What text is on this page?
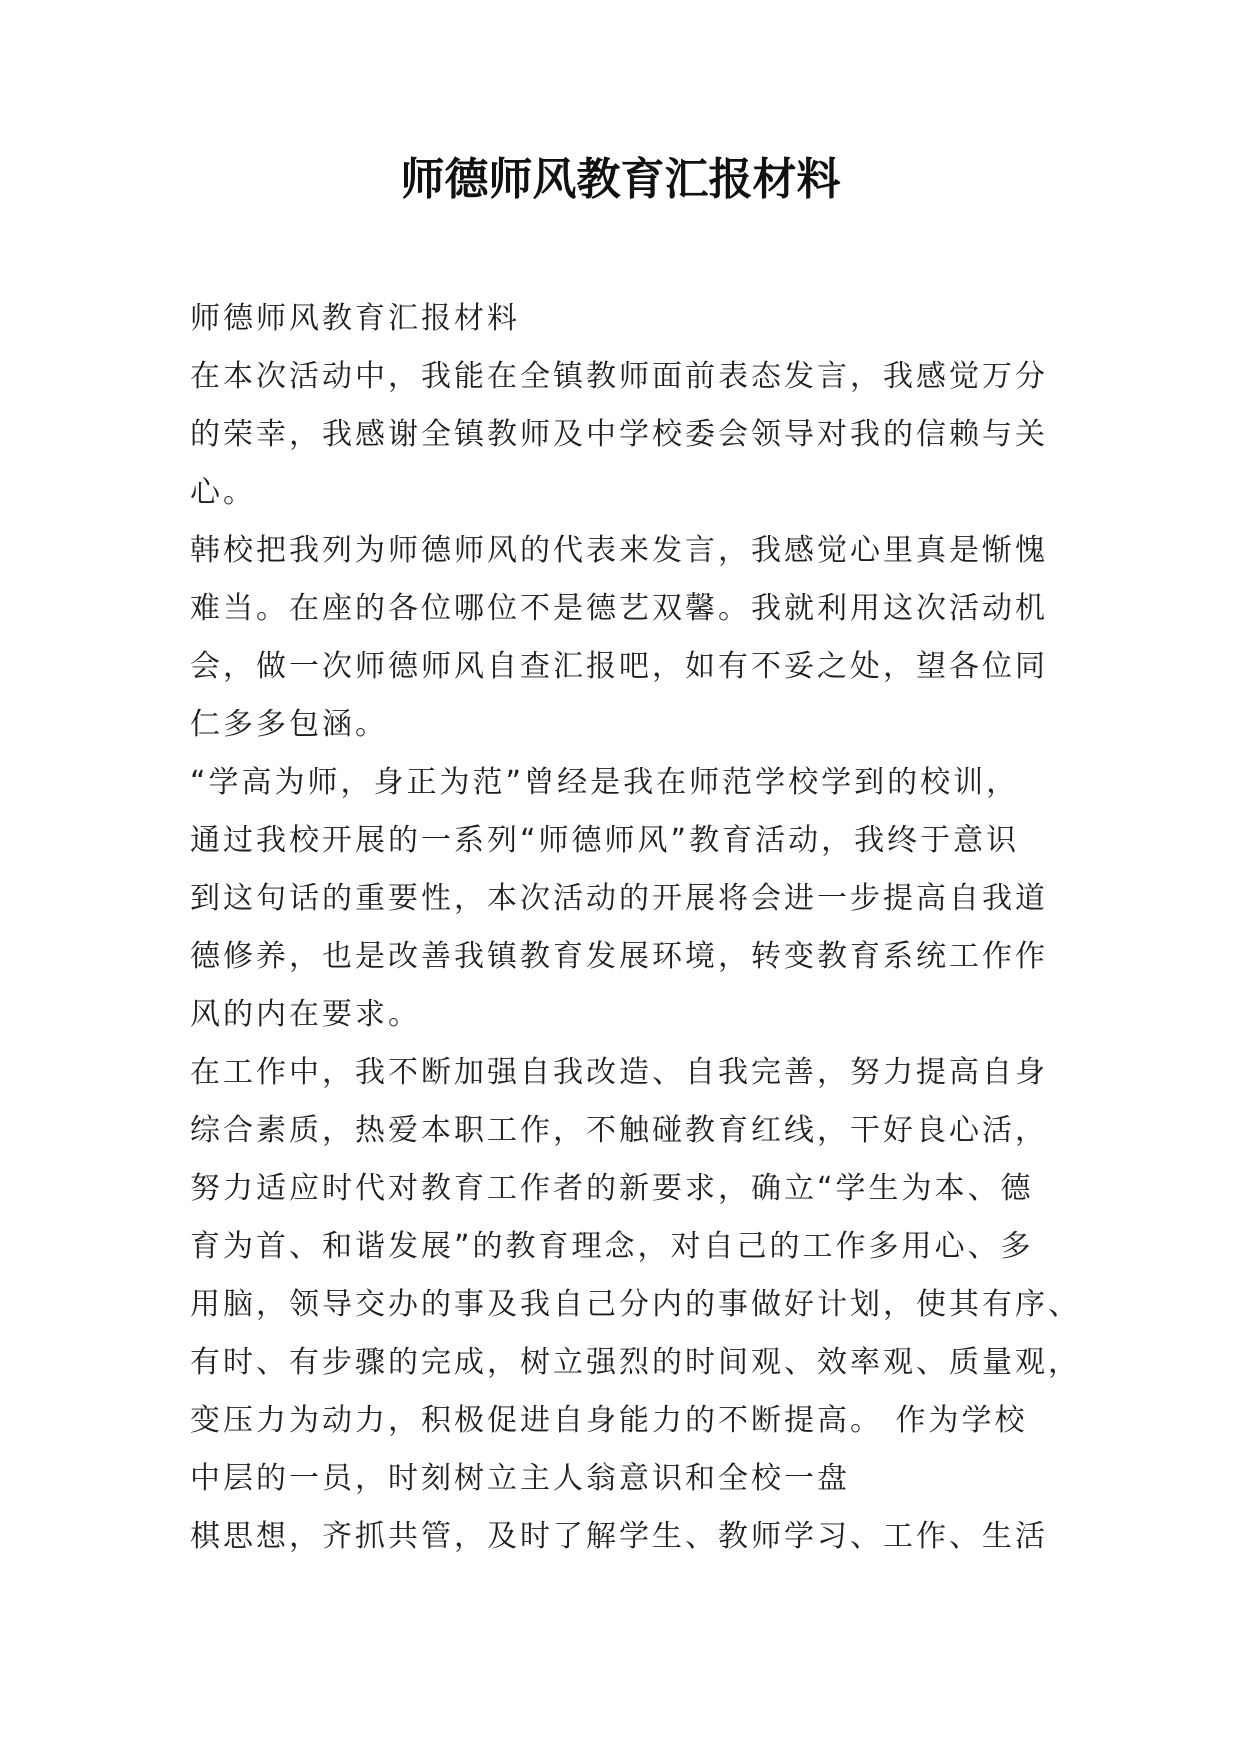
师德师风教育汇报材料
师德师风教育汇报材料
在本次活动中，我能在全镇教师面前表态发言，我感觉万分
的荣幸，我感谢全镇教师及中学校委会领导对我的信赖与关
心。
韩校把我列为师德师风的代表来发言，我感觉心里真是惭愧
难当。在座的各位哪位不是德艺双馨。我就利用这次活动机
会，做一次师德师风自查汇报吧，如有不妥之处，望各位同
仁多多包涵。
“学高为师，身正为范”曾经是我在师范学校学到的校训，
通过我校开展的一系列“师德师风”教育活动，我终于意识
到这句话的重要性，本次活动的开展将会进一步提高自我道
德修养，也是改善我镇教育发展环境，转变教育系统工作作
风的内在要求。
在工作中，我不断加强自我改造、自我完善，努力提高自身
综合素质，热爱本职工作，不触碰教育红线，干好良心活，
努力适应时代对教育工作者的新要求，确立“学生为本、德
育为首、和谐发展”的教育理念，对自己的工作多用心、多
用脑，领导交办的事及我自己分内的事做好计划，使其有序、
有时、有步骤的完成，树立强烈的时间观、效率观、质量观，
变压力为动力，积极促进自身能力的不断提高。 作为学校
中层的一员，时刻树立主人翁意识和全校一盘
棋思想，齐抓共管，及时了解学生、教师学习、工作、生活
